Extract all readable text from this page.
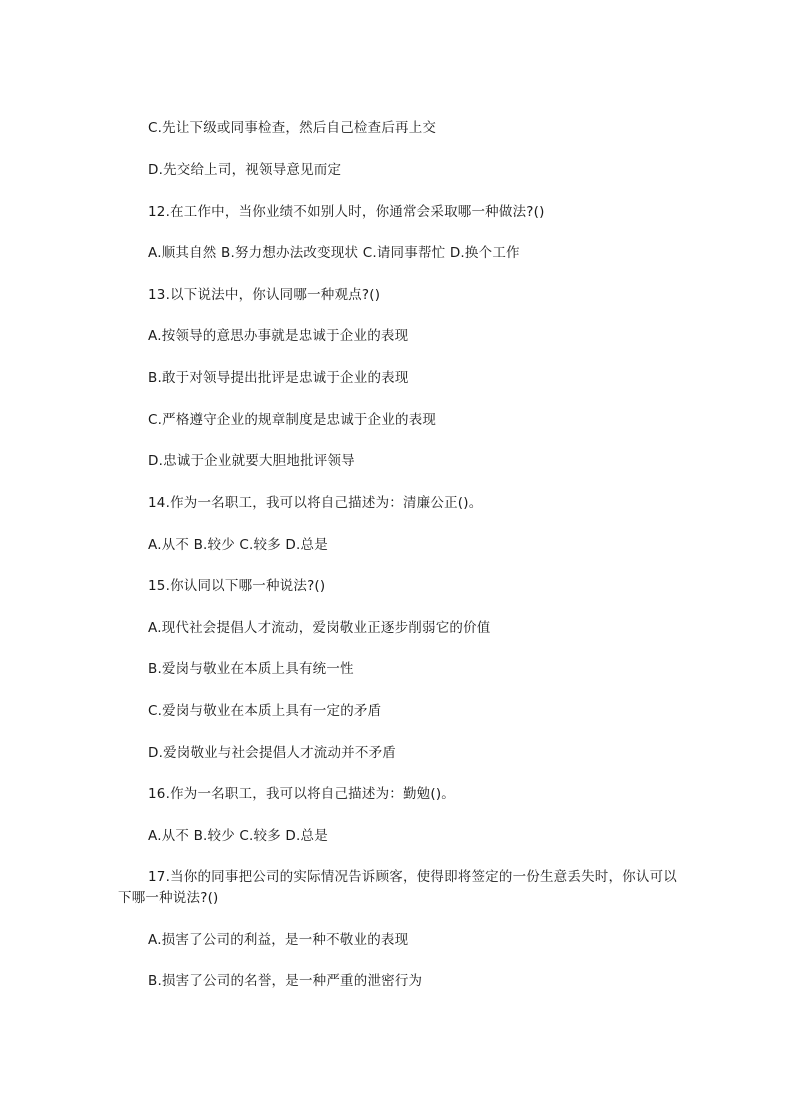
C.先让下级或同事检查，然后自己检查后再上交
D.先交给上司，视领导意见而定
12.在工作中，当你业绩不如别人时，你通常会采取哪一种做法?()
A.顺其自然 B.努力想办法改变现状 C.请同事帮忙 D.换个工作
13.以下说法中，你认同哪一种观点?()
A.按领导的意思办事就是忠诚于企业的表现
B.敢于对领导提出批评是忠诚于企业的表现
C.严格遵守企业的规章制度是忠诚于企业的表现
D.忠诚于企业就要大胆地批评领导
14.作为一名职工，我可以将自己描述为：清廉公正()。
A.从不 B.较少 C.较多 D.总是
15.你认同以下哪一种说法?()
A.现代社会提倡人才流动，爱岗敬业正逐步削弱它的价值
B.爱岗与敬业在本质上具有统一性
C.爱岗与敬业在本质上具有一定的矛盾
D.爱岗敬业与社会提倡人才流动并不矛盾
16.作为一名职工，我可以将自己描述为：勤勉()。
A.从不 B.较少 C.较多 D.总是
17.当你的同事把公司的实际情况告诉顾客，使得即将签定的一份生意丢失时，你认可以下哪一种说法?()
A.损害了公司的利益，是一种不敬业的表现
B.损害了公司的名誉，是一种严重的泄密行为
